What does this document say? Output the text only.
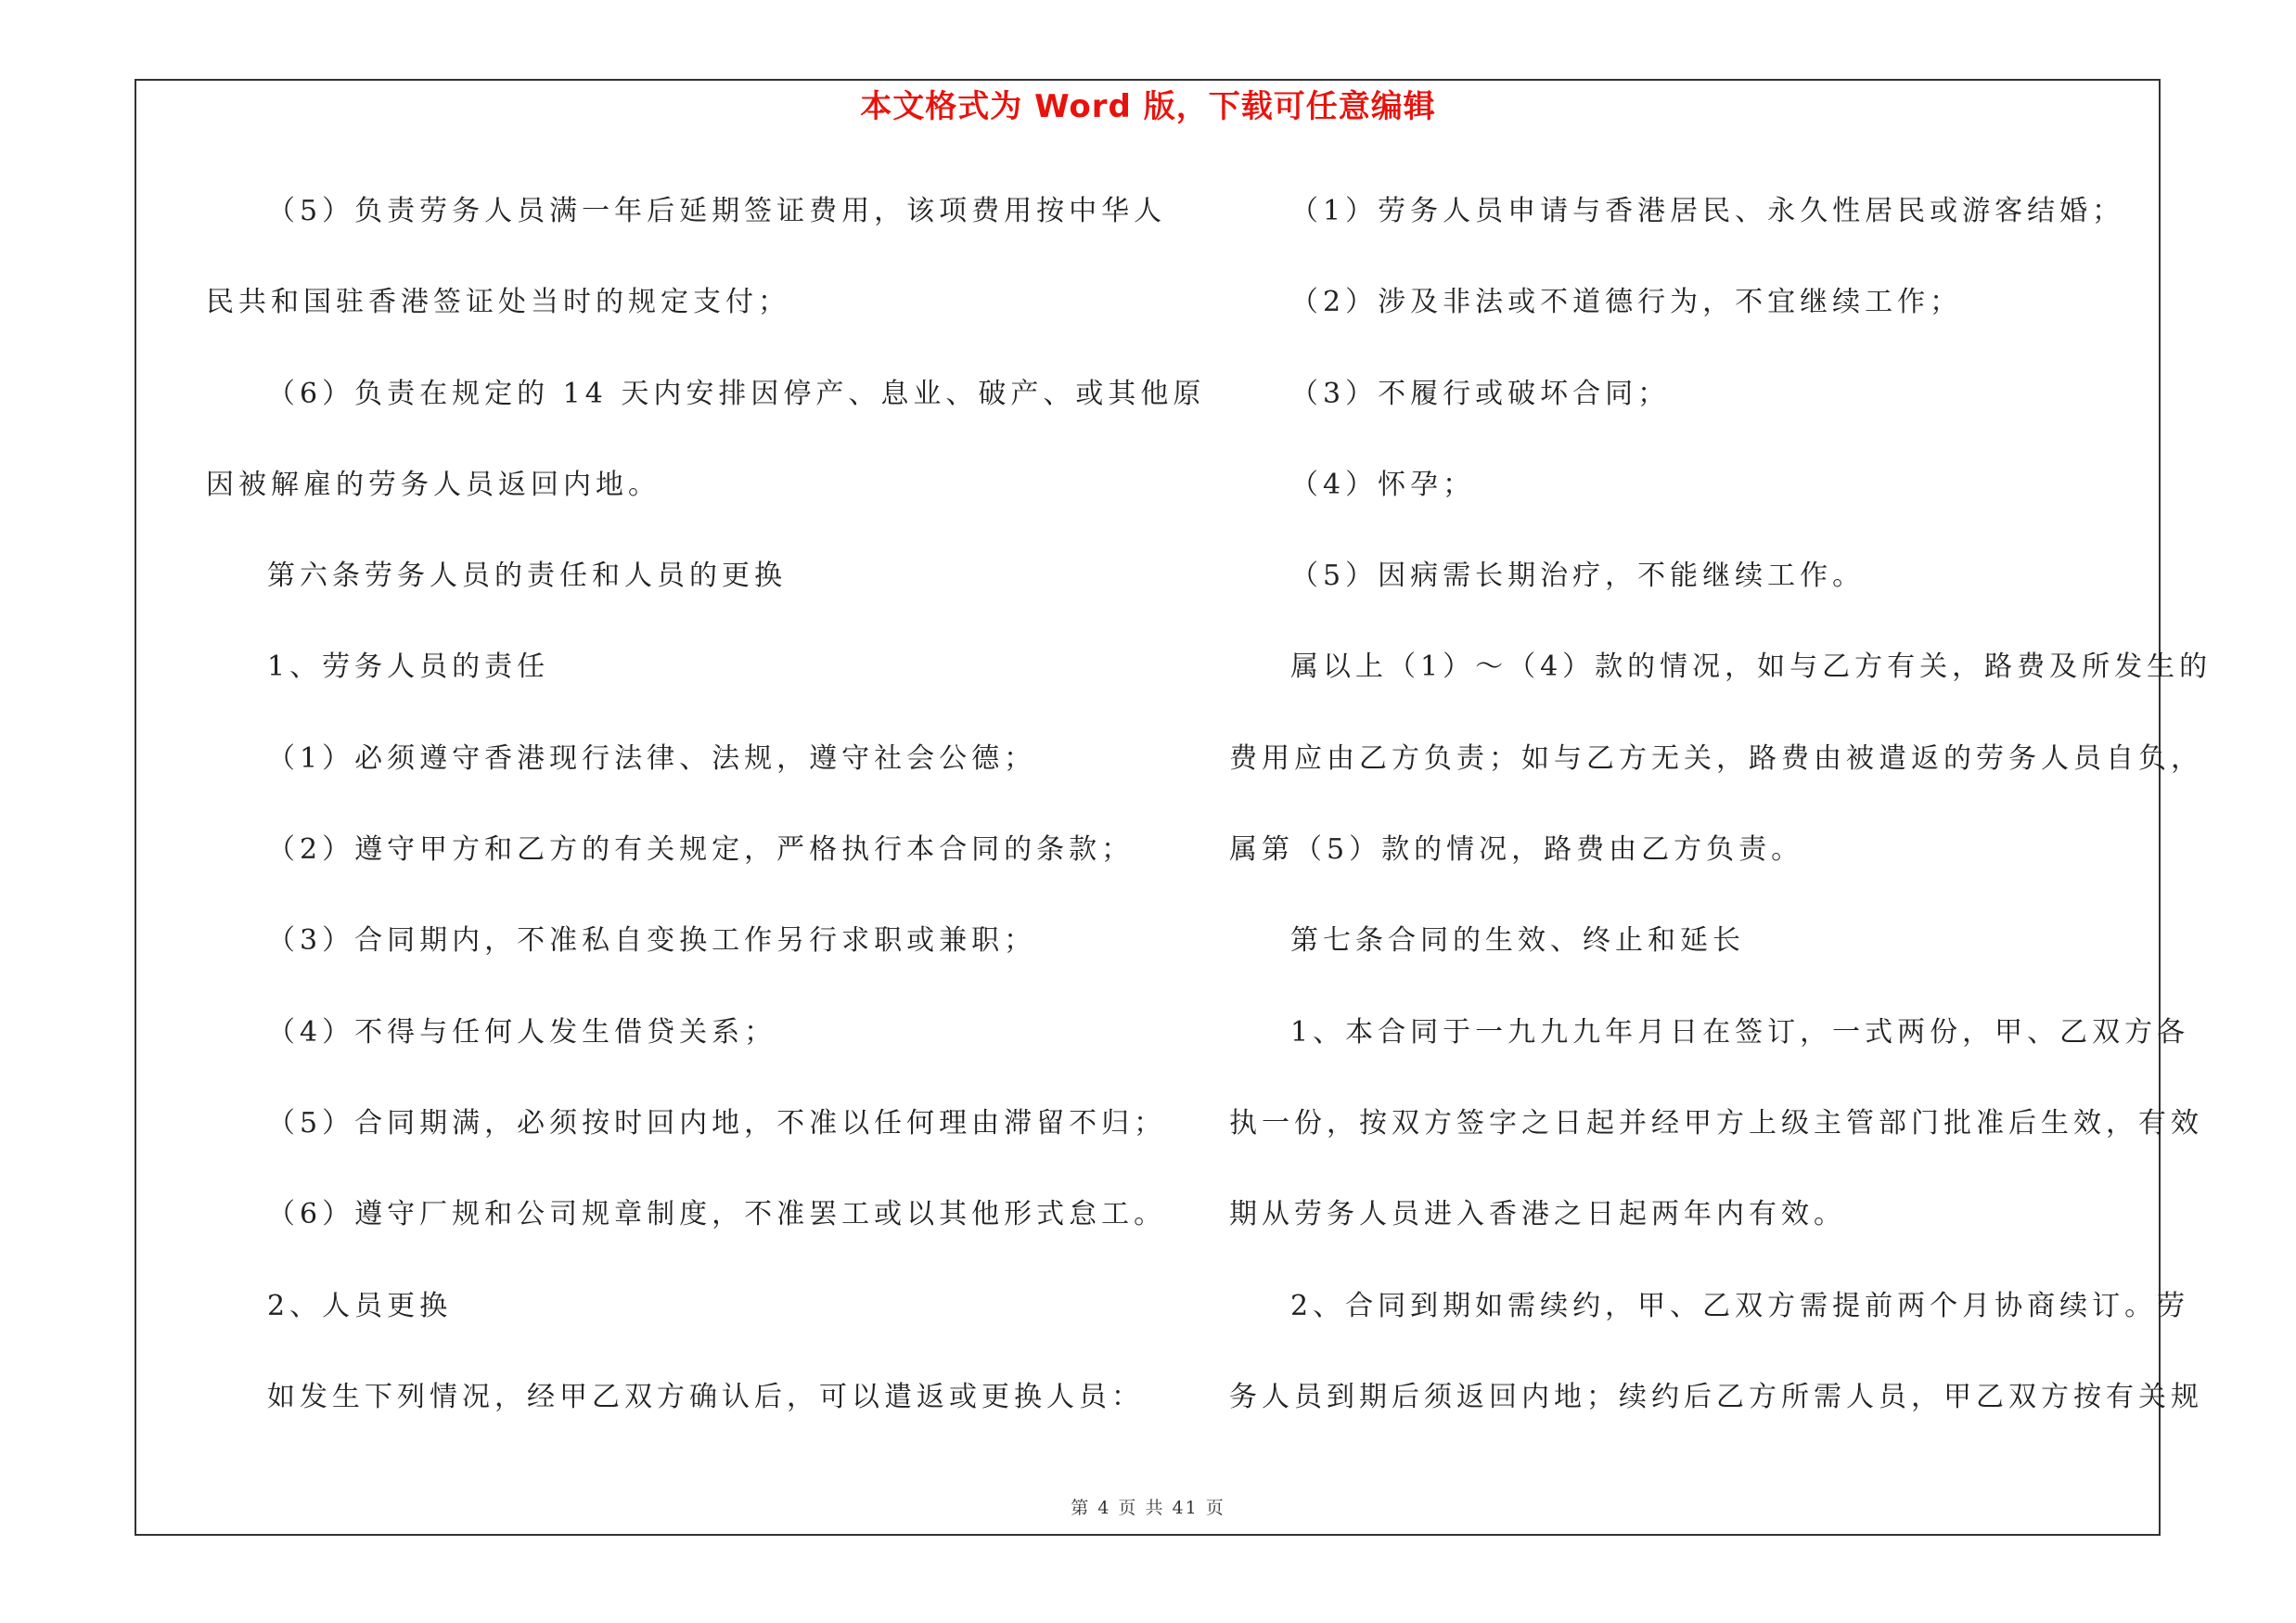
本文格式为 Word 版，下载可任意编辑
（5）负责劳务人员满一年后延期签证费用，该项费用按中华人
民共和国驻香港签证处当时的规定支付；
（6）负责在规定的 14 天内安排因停产、息业、破产、或其他原
因被解雇的劳务人员返回内地。
第六条劳务人员的责任和人员的更换
1、劳务人员的责任
（1）必须遵守香港现行法律、法规，遵守社会公德；
（2）遵守甲方和乙方的有关规定，严格执行本合同的条款；
（3）合同期内，不准私自变换工作另行求职或兼职；
（4）不得与任何人发生借贷关系；
（5）合同期满，必须按时回内地，不准以任何理由滞留不归；
（6）遵守厂规和公司规章制度，不准罢工或以其他形式怠工。
2、人员更换
如发生下列情况，经甲乙双方确认后，可以遣返或更换人员：
（1）劳务人员申请与香港居民、永久性居民或游客结婚；
（2）涉及非法或不道德行为，不宜继续工作；
（3）不履行或破坏合同；
（4）怀孕；
（5）因病需长期治疗，不能继续工作。
属以上（1）～（4）款的情况，如与乙方有关，路费及所发生的
费用应由乙方负责；如与乙方无关，路费由被遣返的劳务人员自负，
属第（5）款的情况，路费由乙方负责。
第七条合同的生效、终止和延长
1、本合同于一九九九年月日在签订，一式两份，甲、乙双方各
执一份，按双方签字之日起并经甲方上级主管部门批准后生效，有效
期从劳务人员进入香港之日起两年内有效。
2、合同到期如需续约，甲、乙双方需提前两个月协商续订。劳
务人员到期后须返回内地；续约后乙方所需人员，甲乙双方按有关规
第 4 页 共 41 页
